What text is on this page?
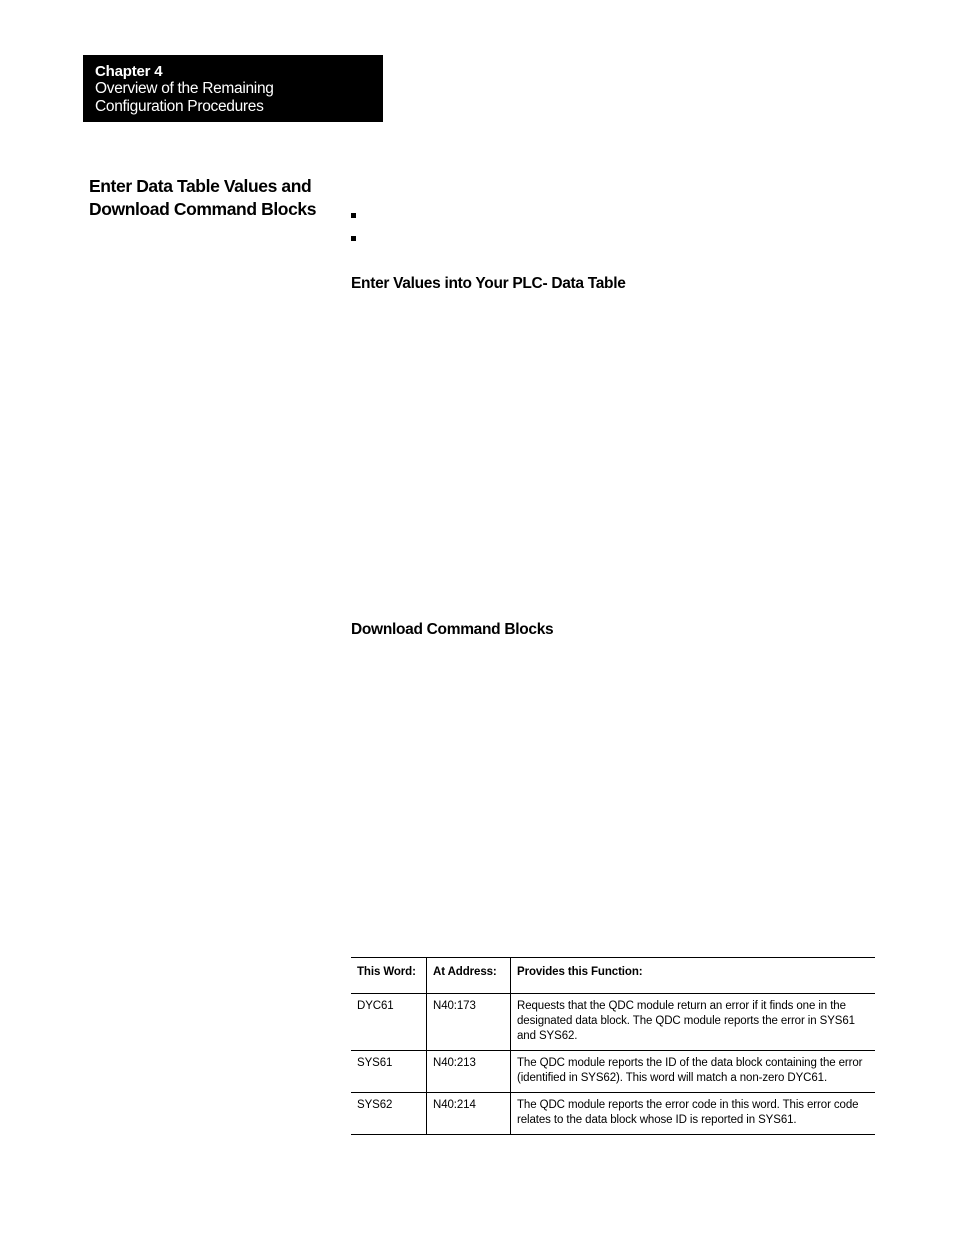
Chapter 4
Overview of the Remaining
Configuration Procedures
Enter Data Table Values and
Download Command Blocks
Enter Values into Your PLC- Data Table
Download Command Blocks
This Word:	At Address:	Provides this Function:
DYC61	N40:173	Requests that the QDC module return an error if it finds one in the designated data block. The QDC module reports the error in SYS61 and SYS62.
SYS61	N40:213	The QDC module reports the ID of the data block containing the error (identified in SYS62). This word will match a non-zero DYC61.
SYS62	N40:214	The QDC module reports the error code in this word. This error code relates to the data block whose ID is reported in SYS61.
